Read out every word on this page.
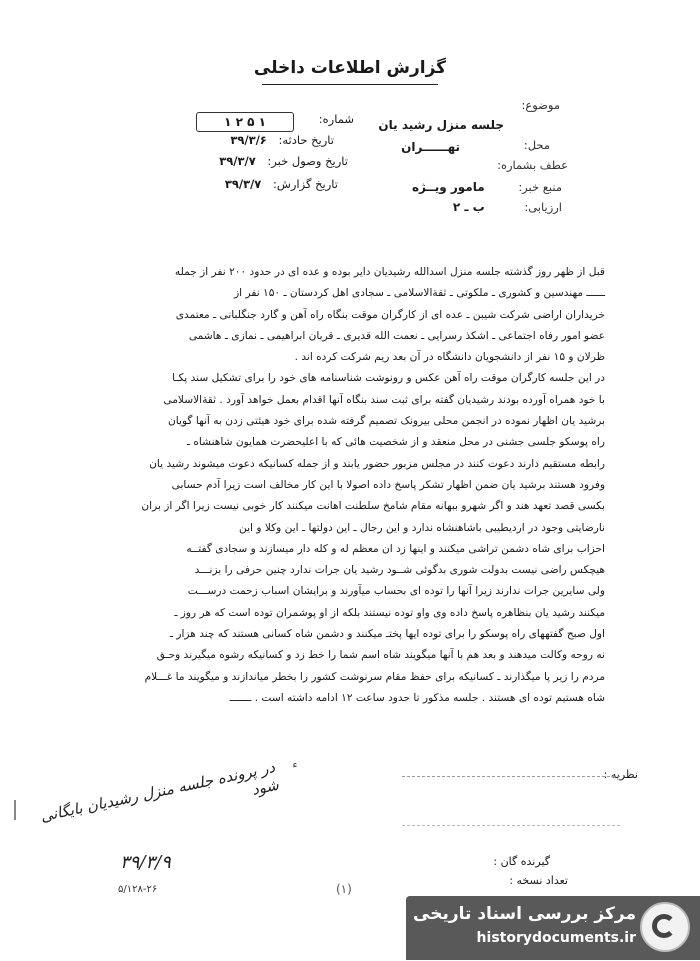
گزارش اطلاعات داخلی
موضوع:
جلسه منزل رشید یان
محل:
تهــــــران
عطف بشماره:
منبع خبر: مامور ویــژه
ارزیابی: ب ـ ۲
شماره:
۱ ۲ ۵ ۱
تاریخ حادثه: ۳۹/۳/۶
تاریخ وصول خبر: ۳۹/۳/۷
تاریخ گزارش: ۳۹/۳/۷
قبل از ظهر روز گذشته جلسه منزل اسدالله رشیدیان دایر بوده و عده ای در حدود ۲۰۰ نفر از جمله
ــــــ مهندسین و کشوری ـ ملکوتی ـ ثقةالاسلامی ـ سجادی اهل کردستان ـ ۱۵۰ نفر از
خریداران اراضی شرکت شیبن ـ عده ای از کارگران موقت بنگاه راه آهن و گارد جنگلبانی ـ معتمدی
عضو امور رفاه اجتماعی ـ اشکذ رسرایی ـ نعمت الله قدیری ـ قربان ابراهیمی ـ نمازی ـ هاشمی
ظرلان و ۱۵ نفر از دانشجویان دانشگاه در آن بعد ریم شرکت کرده اند .
در این جلسه کارگران موقت راه آهن عکس و رونوشت شناسنامه های خود را برای تشکیل سند پکـا
با خود همراه آورده بودند رشیدیان گفته برای ثبت سند بنگاه آنها اقدام بعمل خواهد آورد . ثقةالاسلامی
برشید یان اظهار نموده در انجمن محلی بیرونک تصمیم گرفته شده برای خود هیئتی زدن به آنها گویان
راه پوسکو جلسی جشنی در محل منعقد و از شخصیت هائی که با اعلیحضرت همایون شاهنشاه ـ
رابطه مستقیم دارند دعوت کنند در مجلس مزبور حضور یابند و از جمله کسانیکه دعوت میشوند رشید یان
وفرود هستند برشید یان ضمن اظهار تشکر پاسخ داده اصولا با این کار مخالف است زیرا آدم حسابی
بکسی قصد تعهد هند و اگر شهرو ببهانه مقام شامخ سلطنت اهانت میکنند کار خوبی نیست زیرا اگر از بران
نارضایتی وجود در اردیطیبی باشاهنشاه ندارد و این رجال ـ این دولتها ـ این وکلا و این
احزاب برای شاه دشمن تراشی میکنند و اینها زد ان معظم له و کله دار میسازند و سجادی گفتــه
هیچکس راضی نیست بدولت شوری بدگوئی شــود رشید یان جرات ندارد چنین حرفی را بزنـــد
ولی سایرین جرات ندارند زیرا آنها را توده ای بحساب میآورند و برایشان اسباب زحمت درســـت
میکنند رشید یان بنظاهره پاسخ داده وی واو توده نیستند بلکه از او پوشمران توده است که هر روز ـ
اول صبح گفتههای راه پوسکو را برای توده ایها پختـ میکنند و دشمن شاه کسانی هستند که چند هزار ـ
نه روحه وکالت میدهند و بعد هم با آنها میگویند شاه اسم شما را خط زد و کسانیکه رشوه میگیرند وحـق
مردم را زیر پا میگذارند ـ کسانیکه برای حفظ مقام سرنوشت کشور را بخطر میاندازند و میگویند ما غـــلام
شاه هستیم توده ای هستند . جلسه مذکور تا حدود ساعت ۱۲ ادامه داشته است . ـــــــ
نظریه :
در پرونده جلسه منزل رشیدیان بایگانی شود
۳۹/۳/۹
۵/۱۲۸-۲۶
گیرنده گان :
تعداد نسخه :
(۱)
مرکز بررسی اسناد تاریخی
historydocuments.ir
